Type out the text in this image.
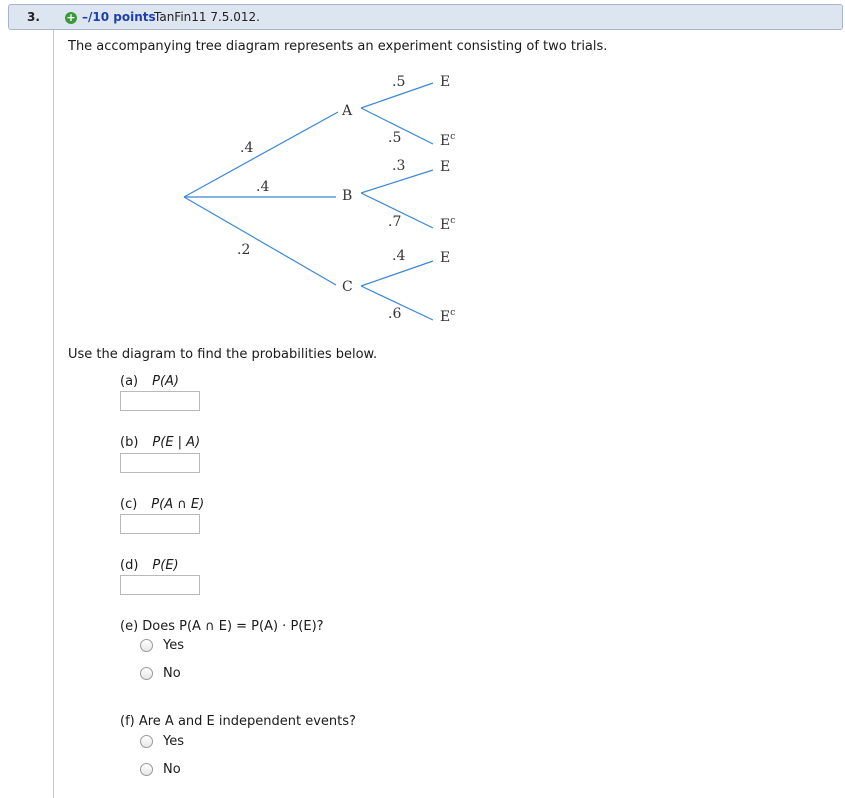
3. + –/10 points
TanFin11 7.5.012.
The accompanying tree diagram represents an experiment consisting of two trials.
.4
.4
.2
A
B
C
.5
.5
.3
.7
.4
.6
E
$E^c$
E
$E^c$
E
$E^c$
Use the diagram to find the probabilities below.
(a) P(A)
(b) P(E | A)
(c) P(A ∩ E)
(d) P(E)
(e) Does P(A ∩ E) = P(A) · P(E)?
Yes
No
(f) Are A and E independent events?
Yes
No
